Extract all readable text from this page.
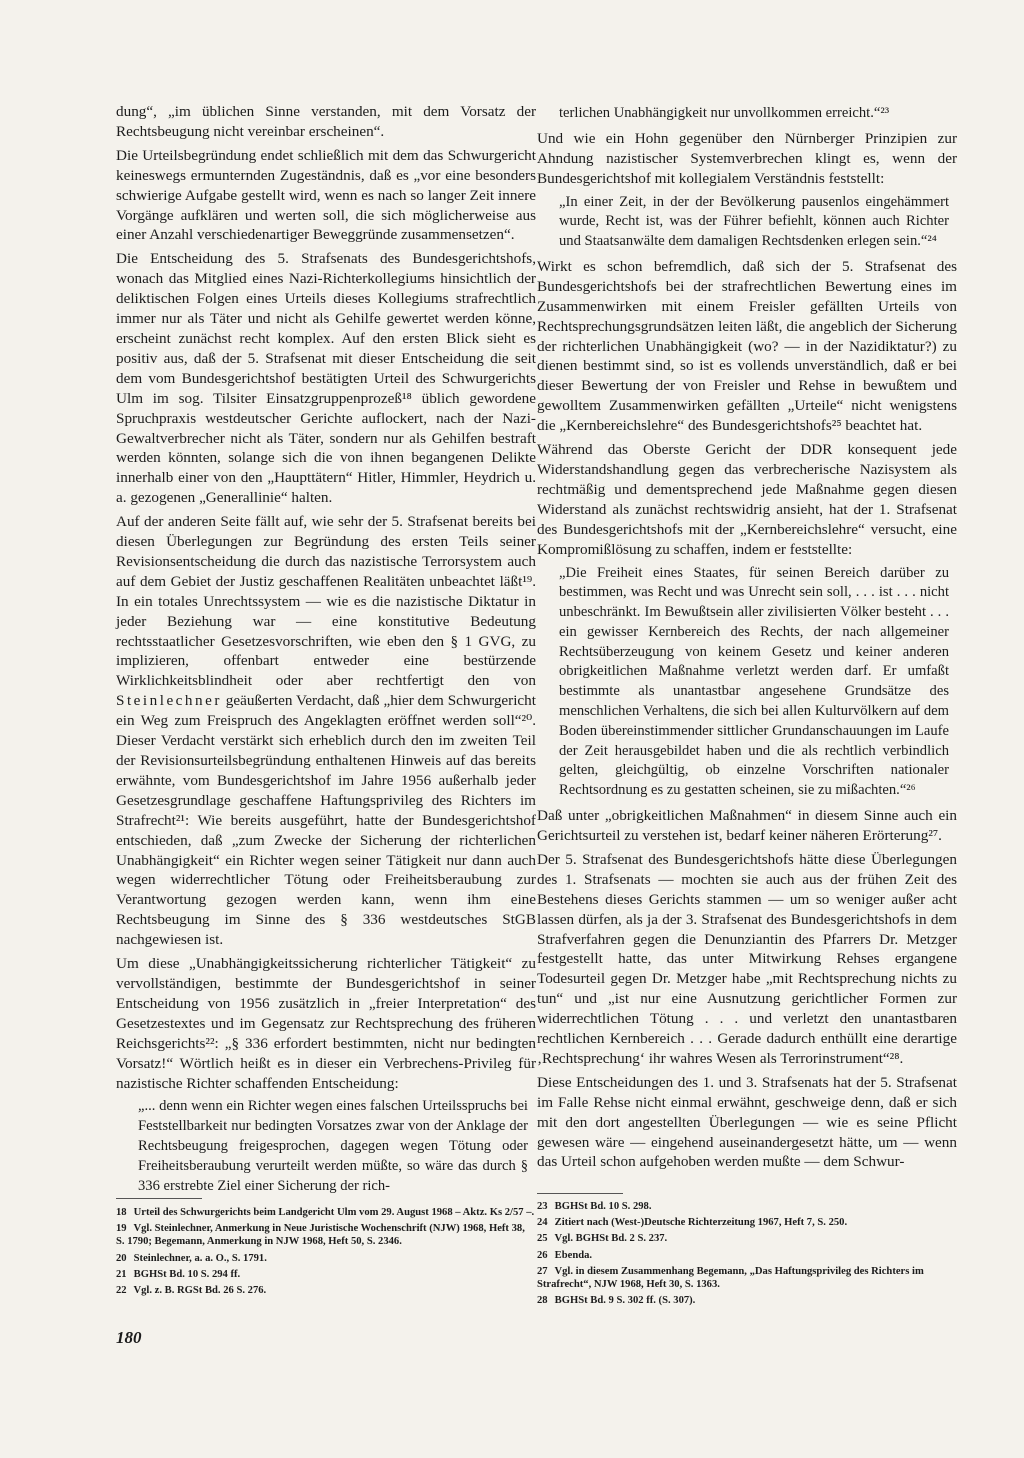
dung“, „im üblichen Sinne verstanden, mit dem Vorsatz der Rechtsbeugung nicht vereinbar erscheinen“.

Die Urteilsbegründung endet schließlich mit dem das Schwurgericht keineswegs ermunternden Zugeständnis, daß es „vor eine besonders schwierige Aufgabe gestellt wird, wenn es nach so langer Zeit innere Vorgänge aufklären und werten soll, die sich möglicherweise aus einer Anzahl verschiedenartiger Beweggründe zusammensetzen“.

Die Entscheidung des 5. Strafsenats des Bundesgerichtshofs, wonach das Mitglied eines Nazi-Richterkollegiums hinsichtlich der deliktischen Folgen eines Urteils dieses Kollegiums strafrechtlich immer nur als Täter und nicht als Gehilfe gewertet werden könne, erscheint zunächst recht komplex. Auf den ersten Blick sieht es positiv aus, daß der 5. Strafsenat mit dieser Entscheidung die seit dem vom Bundesgerichtshof bestätigten Urteil des Schwurgerichts Ulm im sog. Tilsiter Einsatzgruppenprozeß¹⁸ üblich gewordene Spruchpraxis westdeutscher Gerichte auflockert, nach der Nazi-Gewaltverbrecher nicht als Täter, sondern nur als Gehilfen bestraft werden könnten, solange sich die von ihnen begangenen Delikte innerhalb einer von den „Haupttätern“ Hitler, Himmler, Heydrich u. a. gezogenen „Generallinie“ halten.

Auf der anderen Seite fällt auf, wie sehr der 5. Strafsenat bereits bei diesen Überlegungen zur Begründung des ersten Teils seiner Revisionsentscheidung die durch das nazistische Terrorsystem auch auf dem Gebiet der Justiz geschaffenen Realitäten unbeachtet läßt¹⁹. In ein totales Unrechtssystem — wie es die nazistische Diktatur in jeder Beziehung war — eine konstitutive Bedeutung rechtsstaatlicher Gesetzesvorschriften, wie eben den § 1 GVG, zu implizieren, offenbart entweder eine bestürzende Wirklichkeitsblindheit oder aber rechtfertigt den von Steinlechner geäußerten Verdacht, daß „hier dem Schwurgericht ein Weg zum Freispruch des Angeklagten eröffnet werden soll“²⁰. Dieser Verdacht verstärkt sich erheblich durch den im zweiten Teil der Revisionsurteilsbegründung enthaltenen Hinweis auf das bereits erwähnte, vom Bundesgerichtshof im Jahre 1956 außerhalb jeder Gesetzesgrundlage geschaffene Haftungsprivileg des Richters im Strafrecht²¹: Wie bereits ausgeführt, hatte der Bundesgerichtshof entschieden, daß „zum Zwecke der Sicherung der richterlichen Unabhängigkeit“ ein Richter wegen seiner Tätigkeit nur dann auch wegen widerrechtlicher Tötung oder Freiheitsberaubung zur Verantwortung gezogen werden kann, wenn ihm eine Rechtsbeugung im Sinne des § 336 westdeutsches StGB nachgewiesen ist.

Um diese „Unabhängigkeitssicherung richterlicher Tätigkeit“ zu vervollständigen, bestimmte der Bundesgerichtshof in seiner Entscheidung von 1956 zusätzlich in „freier Interpretation“ des Gesetzestextes und im Gegensatz zur Rechtsprechung des früheren Reichsgerichts²²: „§ 336 erfordert bestimmten, nicht nur bedingten Vorsatz!“ Wörtlich heißt es in dieser ein Verbrechens-Privileg für nazistische Richter schaffenden Entscheidung:

„... denn wenn ein Richter wegen eines falschen Urteilsspruchs bei Feststellbarkeit nur bedingten Vorsatzes zwar von der Anklage der Rechtsbeugung freigesprochen, dagegen wegen Tötung oder Freiheitsberaubung verurteilt werden müßte, so wäre das durch § 336 erstrebte Ziel einer Sicherung der rich-
terlichen Unabhängigkeit nur unvollkommen erreicht.“²³

Und wie ein Hohn gegenüber den Nürnberger Prinzipien zur Ahndung nazistischer Systemverbrechen klingt es, wenn der Bundesgerichtshof mit kollegialem Verständnis feststellt:

„In einer Zeit, in der der Bevölkerung pausenlos eingehämmert wurde, Recht ist, was der Führer befiehlt, können auch Richter und Staatsanwälte dem damaligen Rechtsdenken erlegen sein.“²⁴

Wirkt es schon befremdlich, daß sich der 5. Strafsenat des Bundesgerichtshofs bei der strafrechtlichen Bewertung eines im Zusammenwirken mit einem Freisler gefällten Urteils von Rechtsprechungsgrundsätzen leiten läßt, die angeblich der Sicherung der richterlichen Unabhängigkeit (wo? — in der Nazidiktatur?) zu dienen bestimmt sind, so ist es vollends unverständlich, daß er bei dieser Bewertung der von Freisler und Rehse in bewußtem und gewolltem Zusammenwirken gefällten „Urteile“ nicht wenigstens die „Kernbereichslehre“ des Bundesgerichtshofs²⁵ beachtet hat.

Während das Oberste Gericht der DDR konsequent jede Widerstandshandlung gegen das verbrecherische Nazisystem als rechtmäßig und dementsprechend jede Maßnahme gegen diesen Widerstand als zunächst rechtswidrig ansieht, hat der 1. Strafsenat des Bundesgerichtshofs mit der „Kernbereichslehre“ versucht, eine Kompromißlösung zu schaffen, indem er feststellte:

„Die Freiheit eines Staates, für seinen Bereich darüber zu bestimmen, was Recht und was Unrecht sein soll, . . . ist . . . nicht unbeschränkt. Im Bewußtsein aller zivilisierten Völker besteht . . . ein gewisser Kernbereich des Rechts, der nach allgemeiner Rechtsüberzeugung von keinem Gesetz und keiner anderen obrigkeitlichen Maßnahme verletzt werden darf. Er umfaßt bestimmte als unantastbar angesehene Grundsätze des menschlichen Verhaltens, die sich bei allen Kulturvölkern auf dem Boden übereinstimmender sittlicher Grundanschauungen im Laufe der Zeit herausgebildet haben und die als rechtlich verbindlich gelten, gleichgültig, ob einzelne Vorschriften nationaler Rechtsordnung es zu gestatten scheinen, sie zu mißachten.“²⁶

Daß unter „obrigkeitlichen Maßnahmen“ in diesem Sinne auch ein Gerichtsurteil zu verstehen ist, bedarf keiner näheren Erörterung²⁷.

Der 5. Strafsenat des Bundesgerichtshofs hätte diese Überlegungen des 1. Strafsenats — mochten sie auch aus der frühen Zeit des Bestehens dieses Gerichts stammen — um so weniger außer acht lassen dürfen, als ja der 3. Strafsenat des Bundesgerichtshofs in dem Strafverfahren gegen die Denunziantin des Pfarrers Dr. Metzger festgestellt hatte, das unter Mitwirkung Rehses ergangene Todesurteil gegen Dr. Metzger habe „mit Rechtsprechung nichts zu tun“ und „ist nur eine Ausnutzung gerichtlicher Formen zur widerrechtlichen Tötung . . . und verletzt den unantastbaren rechtlichen Kernbereich . . . Gerade dadurch enthüllt eine derartige ‚Rechtsprechung‘ ihr wahres Wesen als Terrorinstrument“²⁸.

Diese Entscheidungen des 1. und 3. Strafsenats hat der 5. Strafsenat im Falle Rehse nicht einmal erwähnt, geschweige denn, daß er sich mit den dort angestellten Überlegungen — wie es seine Pflicht gewesen wäre — eingehend auseinandergesetzt hätte, um — wenn das Urteil schon aufgehoben werden mußte — dem Schwur-

18 Urteil des Schwurgerichts beim Landgericht Ulm vom 29. August 1968 – Aktz. Ks 2/57 –.
19 Vgl. Steinlechner, Anmerkung in Neue Juristische Wochenschrift (NJW) 1968, Heft 38, S. 1790; Begemann, Anmerkung in NJW 1968, Heft 50, S. 2346.
20 Steinlechner, a. a. O., S. 1791.
21 BGHSt Bd. 10 S. 294 ff.
22 Vgl. z. B. RGSt Bd. 26 S. 276.
23 BGHSt Bd. 10 S. 298.
24 Zitiert nach (West-)Deutsche Richterzeitung 1967, Heft 7, S. 250.
25 Vgl. BGHSt Bd. 2 S. 237.
26 Ebenda.
27 Vgl. in diesem Zusammenhang Begemann, „Das Haftungsprivileg des Richters im Strafrecht“, NJW 1968, Heft 30, S. 1363.
28 BGHSt Bd. 9 S. 302 ff. (S. 307).
180
